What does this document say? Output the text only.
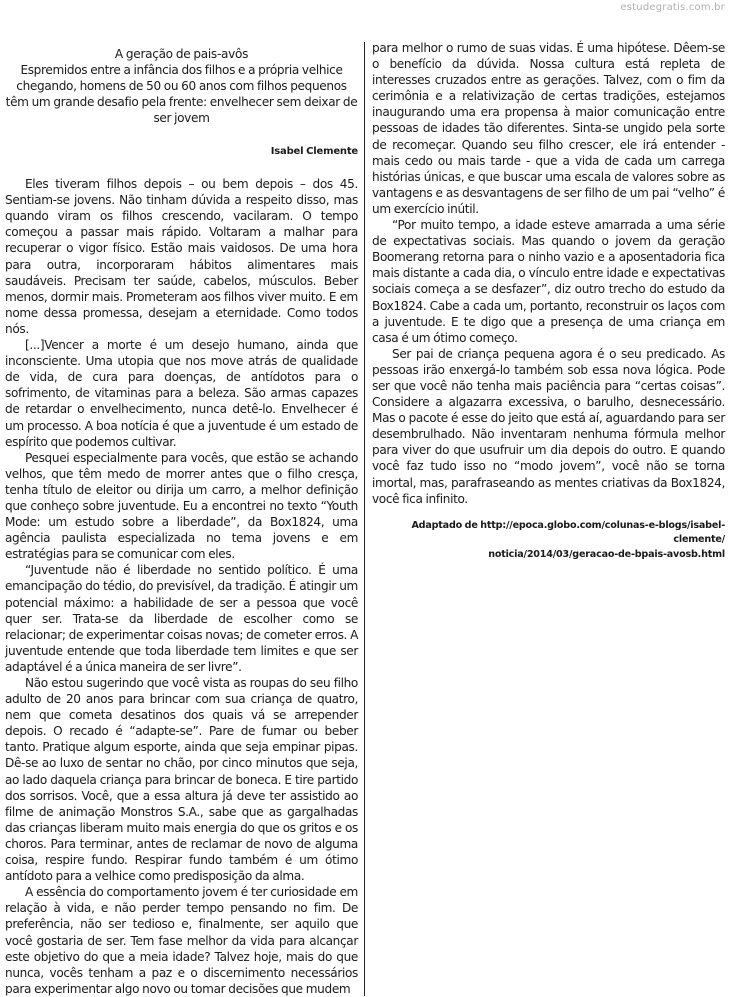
estudegratis.com.br

A geração de pais-avôs

Espremidos entre a infância dos filhos e a própria velhice chegando, homens de 50 ou 60 anos com filhos pequenos têm um grande desafio pela frente: envelhecer sem deixar de ser jovem

Isabel Clemente

Eles tiveram filhos depois – ou bem depois – dos 45. Sentiam-se jovens. Não tinham dúvida a respeito disso, mas quando viram os filhos crescendo, vacilaram. O tempo começou a passar mais rápido. Voltaram a malhar para recuperar o vigor físico. Estão mais vaidosos. De uma hora para outra, incorporaram hábitos alimentares mais saudáveis. Precisam ter saúde, cabelos, músculos. Beber menos, dormir mais. Prometeram aos filhos viver muito. E em nome dessa promessa, desejam a eternidade. Como todos nós.

[...]Vencer a morte é um desejo humano, ainda que inconsciente. Uma utopia que nos move atrás de qualidade de vida, de cura para doenças, de antídotos para o sofrimento, de vitaminas para a beleza. São armas capazes de retardar o envelhecimento, nunca detê-lo. Envelhecer é um processo. A boa notícia é que a juventude é um estado de espírito que podemos cultivar.

Pesquei especialmente para vocês, que estão se achando velhos, que têm medo de morrer antes que o filho cresça, tenha título de eleitor ou dirija um carro, a melhor definição que conheço sobre juventude. Eu a encontrei no texto “Youth Mode: um estudo sobre a liberdade”, da Box1824, uma agência paulista especializada no tema jovens e em estratégias para se comunicar com eles.

“Juventude não é liberdade no sentido político. É uma emancipação do tédio, do previsível, da tradição. É atingir um potencial máximo: a habilidade de ser a pessoa que você quer ser. Trata-se da liberdade de escolher como se relacionar; de experimentar coisas novas; de cometer erros. A juventude entende que toda liberdade tem limites e que ser adaptável é a única maneira de ser livre”.

Não estou sugerindo que você vista as roupas do seu filho adulto de 20 anos para brincar com sua criança de quatro, nem que cometa desatinos dos quais vá se arrepender depois. O recado é “adapte-se”. Pare de fumar ou beber tanto. Pratique algum esporte, ainda que seja empinar pipas. Dê-se ao luxo de sentar no chão, por cinco minutos que seja, ao lado daquela criança para brincar de boneca. E tire partido dos sorrisos. Você, que a essa altura já deve ter assistido ao filme de animação Monstros S.A., sabe que as gargalhadas das crianças liberam muito mais energia do que os gritos e os choros. Para terminar, antes de reclamar de novo de alguma coisa, respire fundo. Respirar fundo também é um ótimo antídoto para a velhice como predisposição da alma.

A essência do comportamento jovem é ter curiosidade em relação à vida, e não perder tempo pensando no fim. De preferência, não ser tedioso e, finalmente, ser aquilo que você gostaria de ser. Tem fase melhor da vida para alcançar este objetivo do que a meia idade? Talvez hoje, mais do que nunca, vocês tenham a paz e o discernimento necessários para experimentar algo novo ou tomar decisões que mudem

para melhor o rumo de suas vidas. É uma hipótese. Dêem-se o benefício da dúvida. Nossa cultura está repleta de interesses cruzados entre as gerações. Talvez, com o fim da cerimônia e a relativização de certas tradições, estejamos inaugurando uma era propensa à maior comunicação entre pessoas de idades tão diferentes. Sinta-se ungido pela sorte de recomeçar. Quando seu filho crescer, ele irá entender - mais cedo ou mais tarde - que a vida de cada um carrega histórias únicas, e que buscar uma escala de valores sobre as vantagens e as desvantagens de ser filho de um pai “velho” é um exercício inútil.

“Por muito tempo, a idade esteve amarrada a uma série de expectativas sociais. Mas quando o jovem da geração Boomerang retorna para o ninho vazio e a aposentadoria fica mais distante a cada dia, o vínculo entre idade e expectativas sociais começa a se desfazer”, diz outro trecho do estudo da Box1824. Cabe a cada um, portanto, reconstruir os laços com a juventude. E te digo que a presença de uma criança em casa é um ótimo começo.

Ser pai de criança pequena agora é o seu predicado. As pessoas irão enxergá-lo também sob essa nova lógica. Pode ser que você não tenha mais paciência para “certas coisas”. Considere a algazarra excessiva, o barulho, desnecessário. Mas o pacote é esse do jeito que está aí, aguardando para ser desembrulhado. Não inventaram nenhuma fórmula melhor para viver do que usufruir um dia depois do outro. E quando você faz tudo isso no “modo jovem”, você não se torna imortal, mas, parafraseando as mentes criativas da Box1824, você fica infinito.

Adaptado de http://epoca.globo.com/colunas-e-blogs/isabel-clemente/
noticia/2014/03/geracao-de-bpais-avosb.html
